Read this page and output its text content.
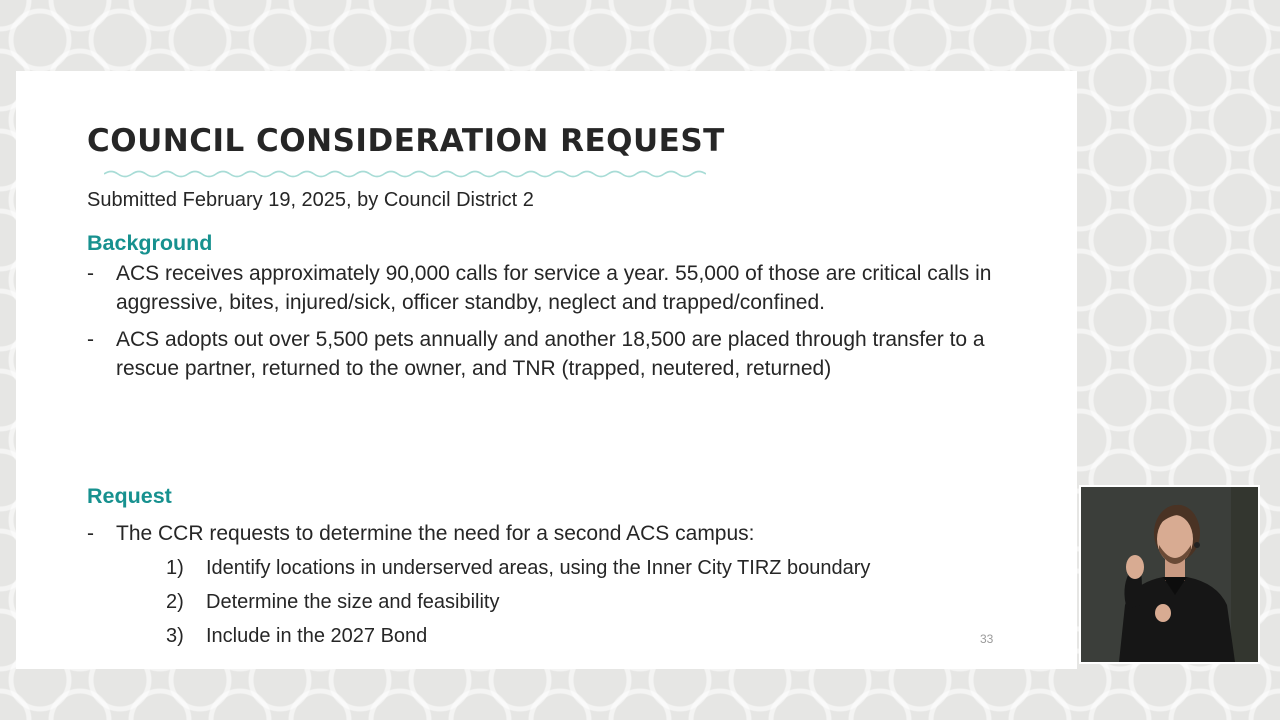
COUNCIL CONSIDERATION REQUEST
Submitted February 19, 2025, by Council District 2
Background
- ACS receives approximately 90,000 calls for service a year. 55,000 of those are critical calls in aggressive, bites, injured/sick, officer standby, neglect and trapped/confined.
- ACS adopts out over 5,500 pets annually and another 18,500 are placed through transfer to a rescue partner, returned to the owner, and TNR (trapped, neutered, returned)
Request
- The CCR requests to determine the need for a second ACS campus:
1) Identify locations in underserved areas, using the Inner City TIRZ boundary
2) Determine the size and feasibility
3) Include in the 2027 Bond	33
